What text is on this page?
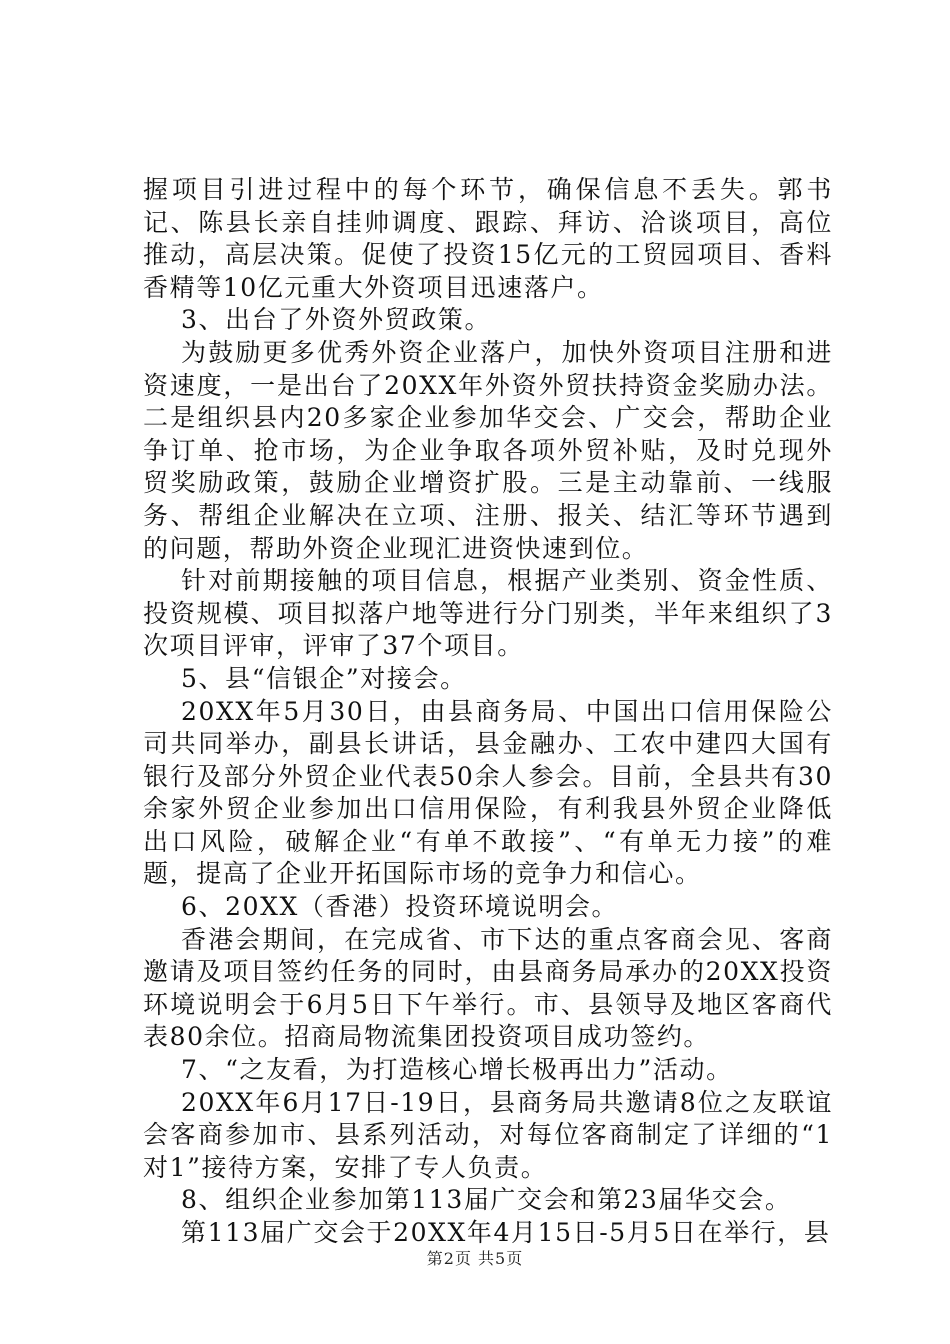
握项目引进过程中的每个环节，确保信息不丢失。郭书记、陈县长亲自挂帅调度、跟踪、拜访、洽谈项目，高位推动，高层决策。促使了投资15亿元的工贸园项目、香料香精等10亿元重大外资项目迅速落户。

3、出台了外资外贸政策。

为鼓励更多优秀外资企业落户，加快外资项目注册和进资速度，一是出台了20XX年外资外贸扶持资金奖励办法。二是组织县内20多家企业参加华交会、广交会，帮助企业争订单、抢市场，为企业争取各项外贸补贴，及时兑现外贸奖励政策，鼓励企业增资扩股。三是主动靠前、一线服务、帮组企业解决在立项、注册、报关、结汇等环节遇到的问题，帮助外资企业现汇进资快速到位。

针对前期接触的项目信息，根据产业类别、资金性质、投资规模、项目拟落户地等进行分门别类，半年来组织了3次项目评审，评审了37个项目。

5、县“信银企”对接会。

20XX年5月30日，由县商务局、中国出口信用保险公司共同举办，副县长讲话，县金融办、工农中建四大国有银行及部分外贸企业代表50余人参会。目前，全县共有30余家外贸企业参加出口信用保险，有利我县外贸企业降低出口风险，破解企业“有单不敢接”、“有单无力接”的难题，提高了企业开拓国际市场的竞争力和信心。

6、20XX（香港）投资环境说明会。

香港会期间，在完成省、市下达的重点客商会见、客商邀请及项目签约任务的同时，由县商务局承办的20XX投资环境说明会于6月5日下午举行。市、县领导及地区客商代表80余位。招商局物流集团投资项目成功签约。

7、“之友看，为打造核心增长极再出力”活动。

20XX年6月17日-19日，县商务局共邀请8位之友联谊会客商参加市、县系列活动，对每位客商制定了详细的“1对1”接待方案，安排了专人负责。

8、组织企业参加第113届广交会和第23届华交会。

第113届广交会于20XX年4月15日-5月5日在举行，县

第2页 共5页
